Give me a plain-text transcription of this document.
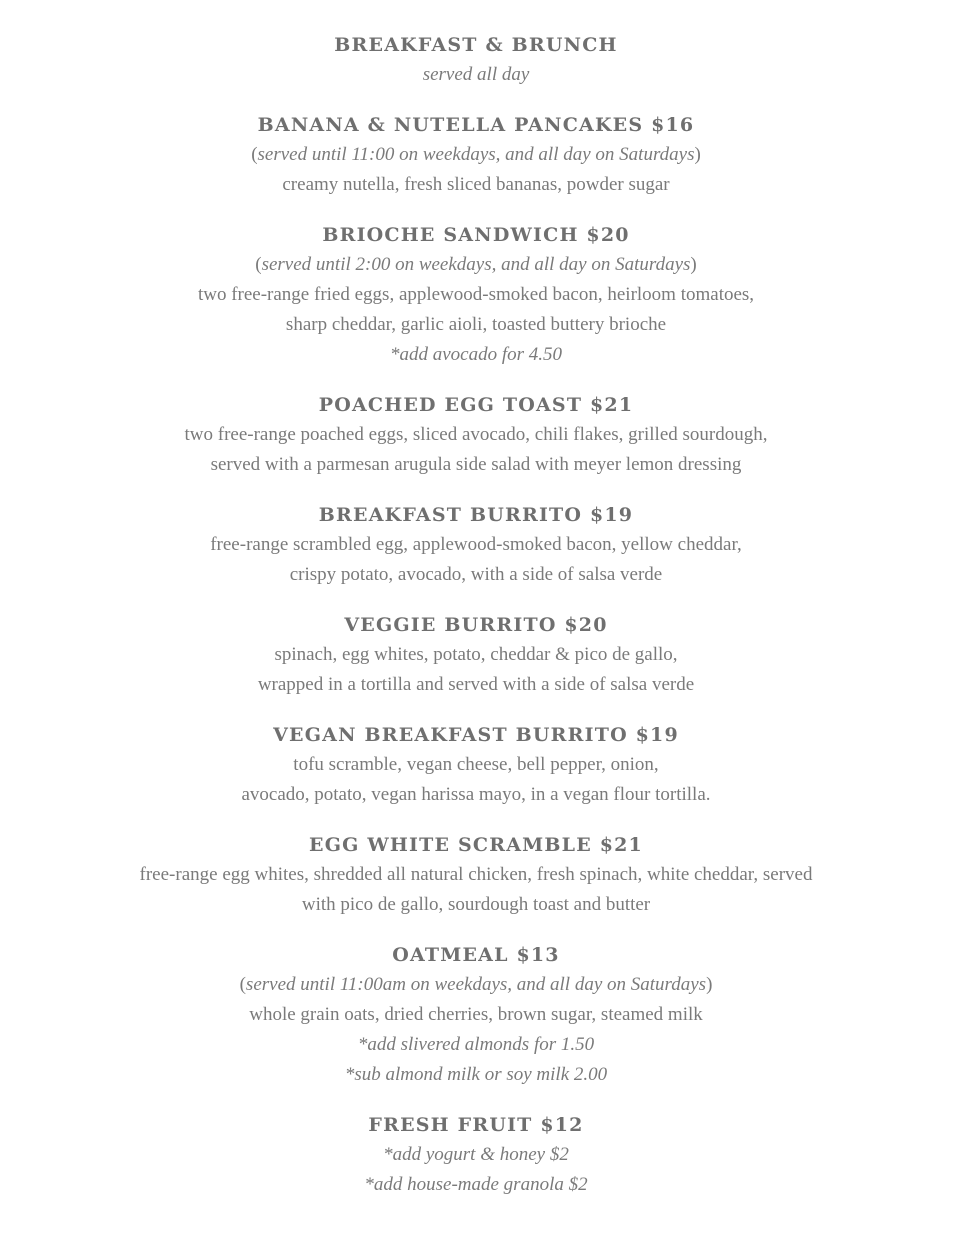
BREAKFAST & BRUNCH
served all day
BANANA & NUTELLA PANCAKES $16
(served until 11:00 on weekdays, and all day on Saturdays)
creamy nutella, fresh sliced bananas, powder sugar
BRIOCHE SANDWICH $20
(served until 2:00 on weekdays, and all day on Saturdays)
two free-range fried eggs, applewood-smoked bacon, heirloom tomatoes,
sharp cheddar, garlic aioli, toasted buttery brioche
*add avocado for 4.50
POACHED EGG TOAST $21
two free-range poached eggs, sliced avocado, chili flakes, grilled sourdough,
served with a parmesan arugula side salad with meyer lemon dressing
BREAKFAST BURRITO $19
free-range scrambled egg, applewood-smoked bacon, yellow cheddar,
crispy potato, avocado, with a side of salsa verde
VEGGIE BURRITO $20
spinach, egg whites, potato, cheddar & pico de gallo,
wrapped in a tortilla and served with a side of salsa verde
VEGAN BREAKFAST BURRITO $19
tofu scramble, vegan cheese, bell pepper, onion,
avocado, potato, vegan harissa mayo, in a vegan flour tortilla.
EGG WHITE SCRAMBLE $21
free-range egg whites, shredded all natural chicken, fresh spinach, white cheddar, served
with pico de gallo, sourdough toast and butter
OATMEAL $13
(served until 11:00am on weekdays, and all day on Saturdays)
whole grain oats, dried cherries, brown sugar, steamed milk
*add slivered almonds for 1.50
*sub almond milk or soy milk 2.00
FRESH FRUIT $12
*add yogurt & honey $2
*add house-made granola $2
